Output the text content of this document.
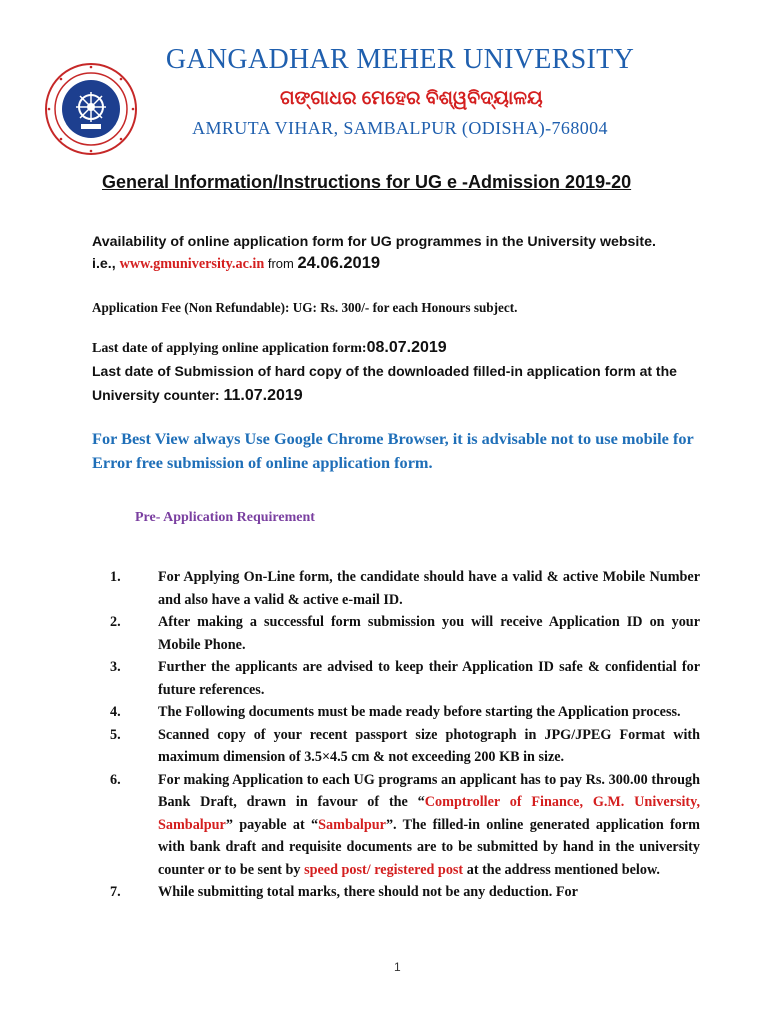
GANGADHAR MEHER UNIVERSITY
ଗଙ୍ଗାଧର ମେହେର ବିଶ୍ୱବିଦ୍ୟାଳୟ
AMRUTA VIHAR, SAMBALPUR (ODISHA)-768004
General Information/Instructions for UG e -Admission 2019-20
Availability of online application form for UG programmes in the University website.
i.e., www.gmuniversity.ac.in from 24.06.2019
Application Fee (Non Refundable): UG: Rs. 300/- for each Honours subject.
Last date of applying online application form:08.07.2019
Last date of Submission of hard copy of the downloaded filled-in application form at the University counter: 11.07.2019
For Best View always Use Google Chrome Browser, it is advisable not to use mobile for Error free submission of online application form.
Pre- Application Requirement
1.	For Applying On-Line form, the candidate should have a valid & active Mobile Number and also have a valid & active e-mail ID.
2.	After making a successful form submission you will receive Application ID on your Mobile Phone.
3.	Further the applicants are advised to keep their Application ID safe & confidential for future references.
4.	The Following documents must be made ready before starting the Application process.
5.	Scanned copy of your recent passport size photograph in JPG/JPEG Format with maximum dimension of 3.5×4.5 cm & not exceeding 200 KB in size.
6.	For making Application to each UG programs an applicant has to pay Rs. 300.00 through Bank Draft, drawn in favour of the “Comptroller of Finance, G.M. University, Sambalpur” payable at “Sambalpur”. The filled-in online generated application form with bank draft and requisite documents are to be submitted by hand in the university counter or to be sent by speed post/ registered post at the address mentioned below.
7.	While submitting total marks, there should not be any deduction. For
1
